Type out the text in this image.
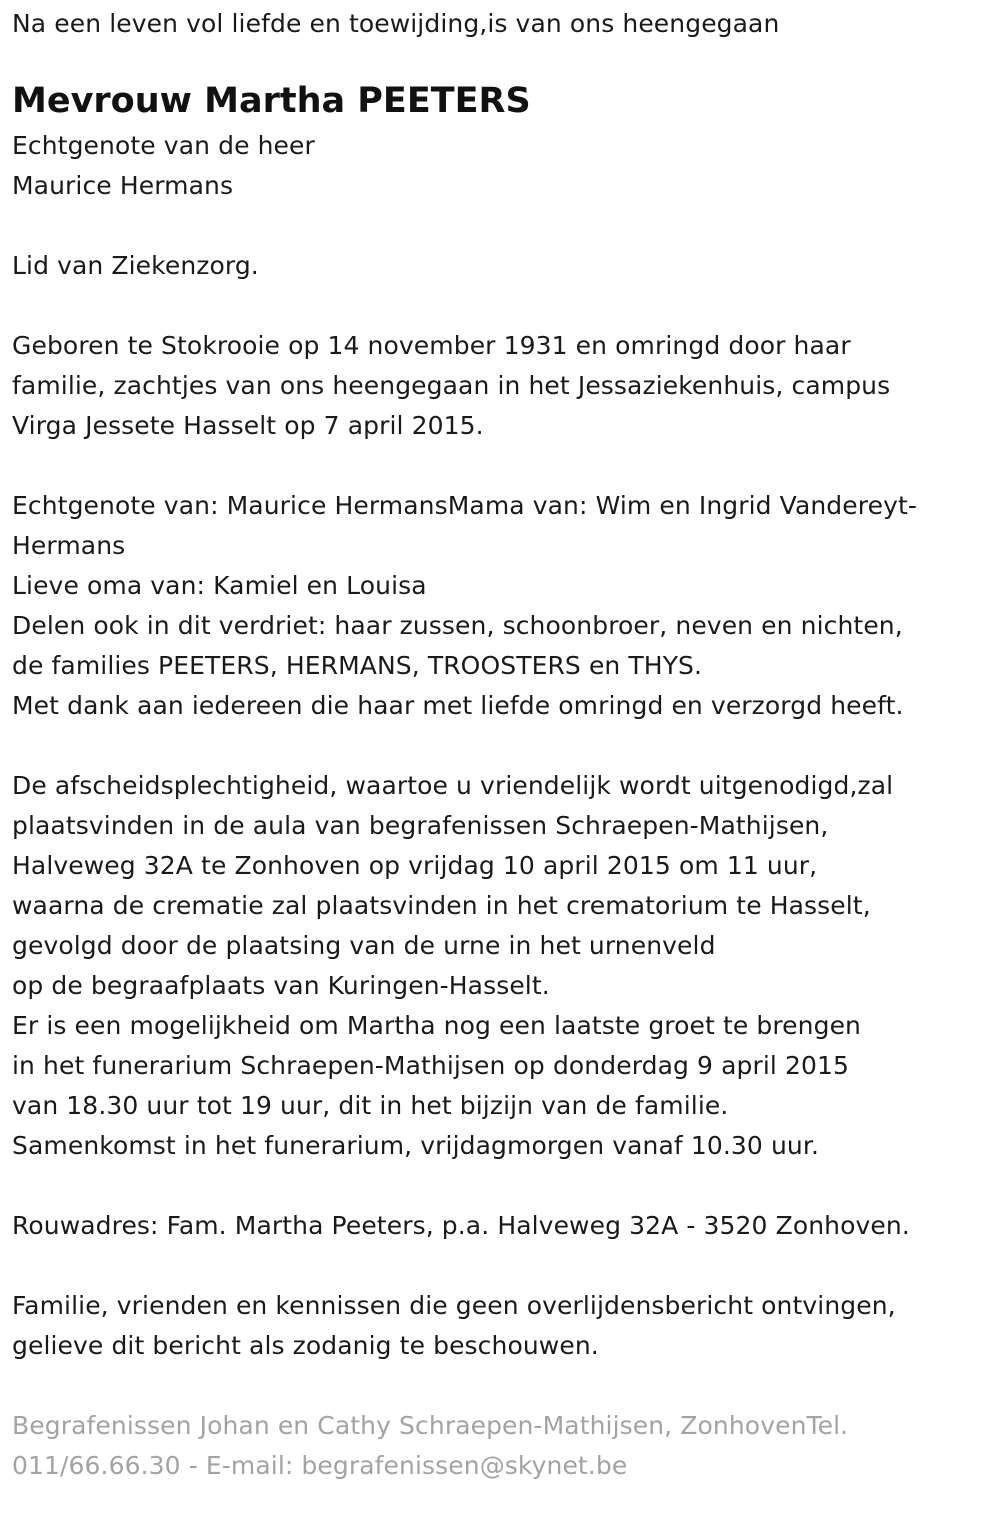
Na een leven vol liefde en toewijding,is van ons heengegaan
Mevrouw Martha PEETERS
Echtgenote van de heer
Maurice Hermans
Lid van Ziekenzorg.
Geboren te Stokrooie op 14 november 1931 en omringd door haar
familie, zachtjes van ons heengegaan in het Jessaziekenhuis, campus
Virga Jessete Hasselt op 7 april 2015.
Echtgenote van: Maurice HermansMama van: Wim en Ingrid Vandereyt-
Hermans
Lieve oma van: Kamiel en Louisa
Delen ook in dit verdriet: haar zussen, schoonbroer, neven en nichten,
de families PEETERS, HERMANS, TROOSTERS en THYS.
Met dank aan iedereen die haar met liefde omringd en verzorgd heeft.
De afscheidsplechtigheid, waartoe u vriendelijk wordt uitgenodigd,zal
plaatsvinden in de aula van begrafenissen Schraepen-Mathijsen,
Halveweg 32A te Zonhoven op vrijdag 10 april 2015 om 11 uur,
waarna de crematie zal plaatsvinden in het crematorium te Hasselt,
gevolgd door de plaatsing van de urne in het urnenveld
op de begraafplaats van Kuringen-Hasselt.
Er is een mogelijkheid om Martha nog een laatste groet te brengen
in het funerarium Schraepen-Mathijsen op donderdag 9 april 2015
van 18.30 uur tot 19 uur, dit in het bijzijn van de familie.
Samenkomst in het funerarium, vrijdagmorgen vanaf 10.30 uur.
Rouwadres: Fam. Martha Peeters, p.a. Halveweg 32A - 3520 Zonhoven.
Familie, vrienden en kennissen die geen overlijdensbericht ontvingen,
gelieve dit bericht als zodanig te beschouwen.
Begrafenissen Johan en Cathy Schraepen-Mathijsen, ZonhovenTel.
011/66.66.30 - E-mail: begrafenissen@skynet.be
